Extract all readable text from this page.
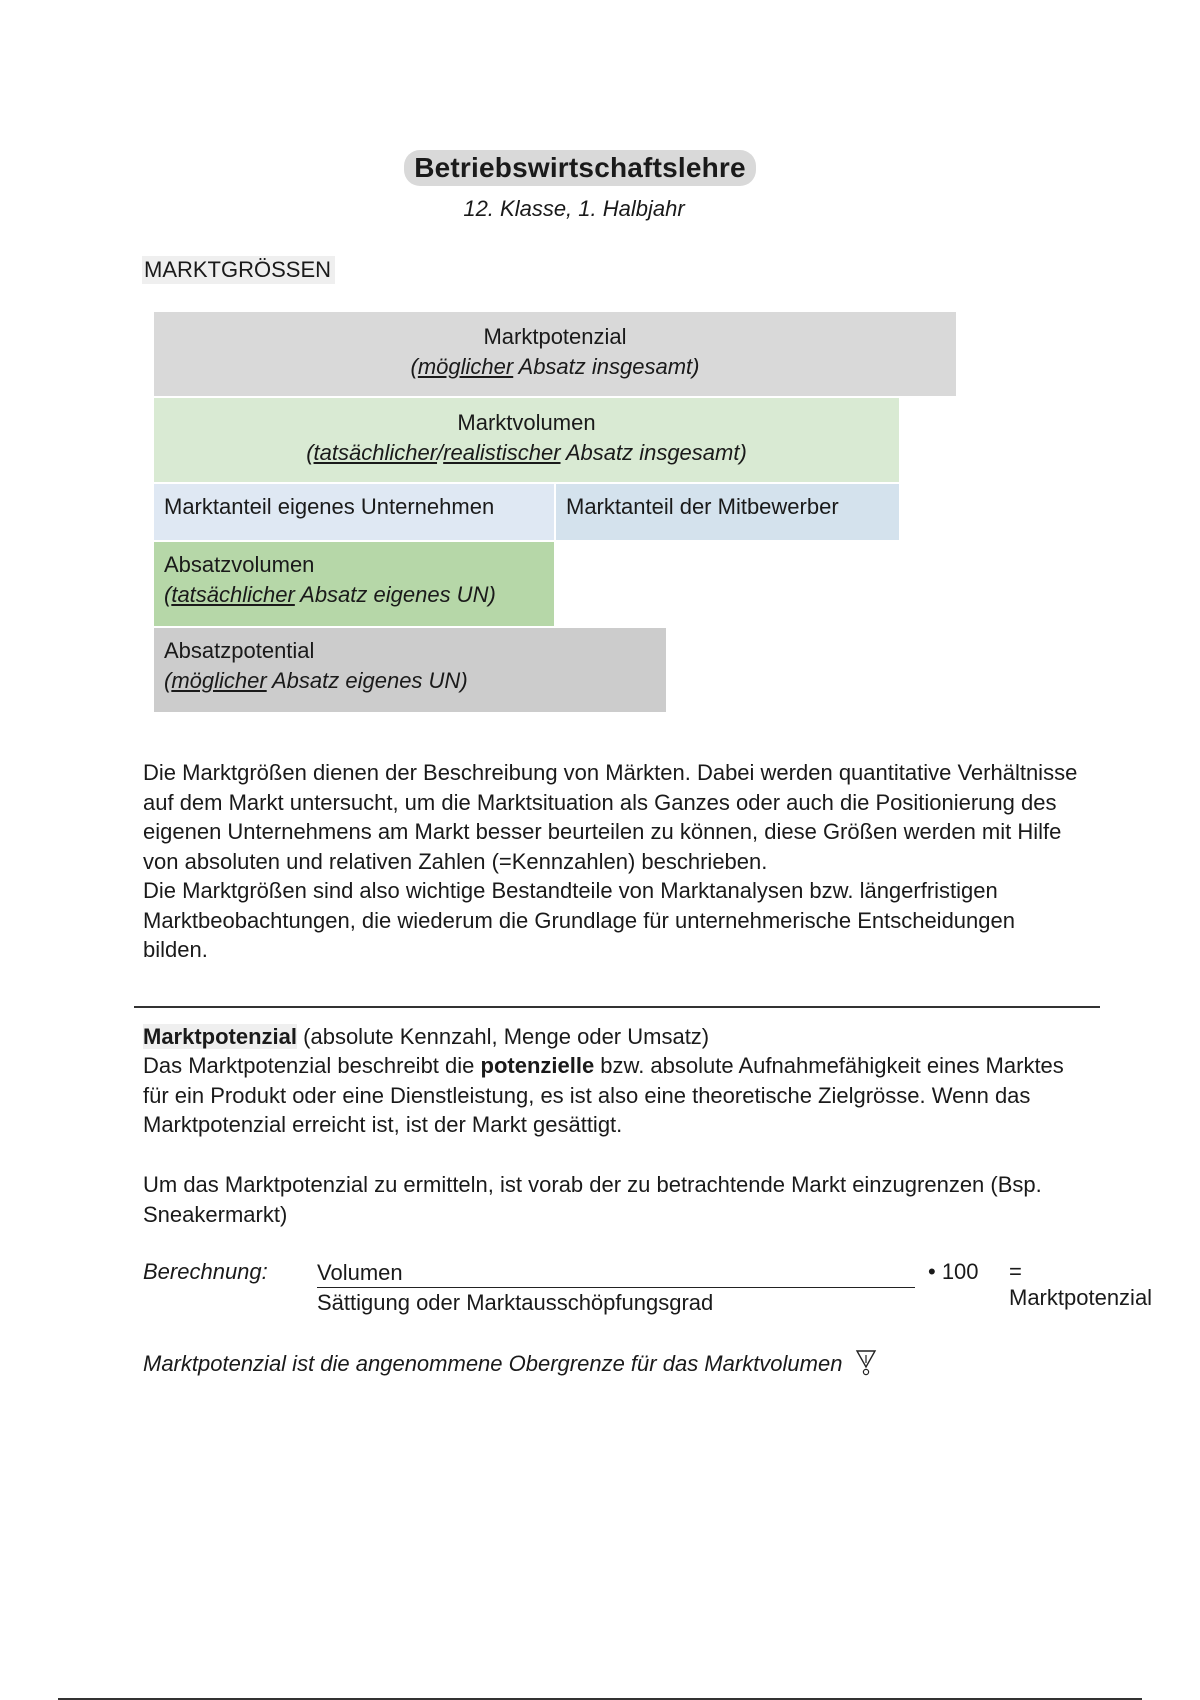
Betriebswirtschaftslehre
12. Klasse, 1. Halbjahr
MARKTGRÖSSEN
Marktpotenzial
(möglicher Absatz insgesamt)
Marktvolumen
(tatsächlicher/realistischer Absatz insgesamt)
Marktanteil eigenes Unternehmen	Marktanteil der Mitbewerber
Absatzvolumen
(tatsächlicher Absatz eigenes UN)
Absatzpotential
(möglicher Absatz eigenes UN)

Die Marktgrößen dienen der Beschreibung von Märkten. Dabei werden quantitative Verhältnisse auf dem Markt untersucht, um die Marktsituation als Ganzes oder auch die Positionierung des eigenen Unternehmens am Markt besser beurteilen zu können, diese Größen werden mit Hilfe von absoluten und relativen Zahlen (=Kennzahlen) beschrieben.

Die Marktgrößen sind also wichtige Bestandteile von Marktanalysen bzw. längerfristigen Marktbeobachtungen, die wiederum die Grundlage für unternehmerische Entscheidungen bilden.

Marktpotenzial (absolute Kennzahl, Menge oder Umsatz)

Das Marktpotenzial beschreibt die potenzielle bzw. absolute Aufnahmefähigkeit eines Marktes für ein Produkt oder eine Dienstleistung, es ist also eine theoretische Zielgrösse. Wenn das Marktpotenzial erreicht ist, ist der Markt gesättigt.

Um das Marktpotenzial zu ermitteln, ist vorab der zu betrachtende Markt einzugrenzen (Bsp. Sneakermarkt)

Berechnung: Volumen
Sättigung oder Marktausschöpfungsgrad
• 100 = Marktpotenzial
Marktpotenzial ist die angenommene Obergrenze für das Marktvolumen
